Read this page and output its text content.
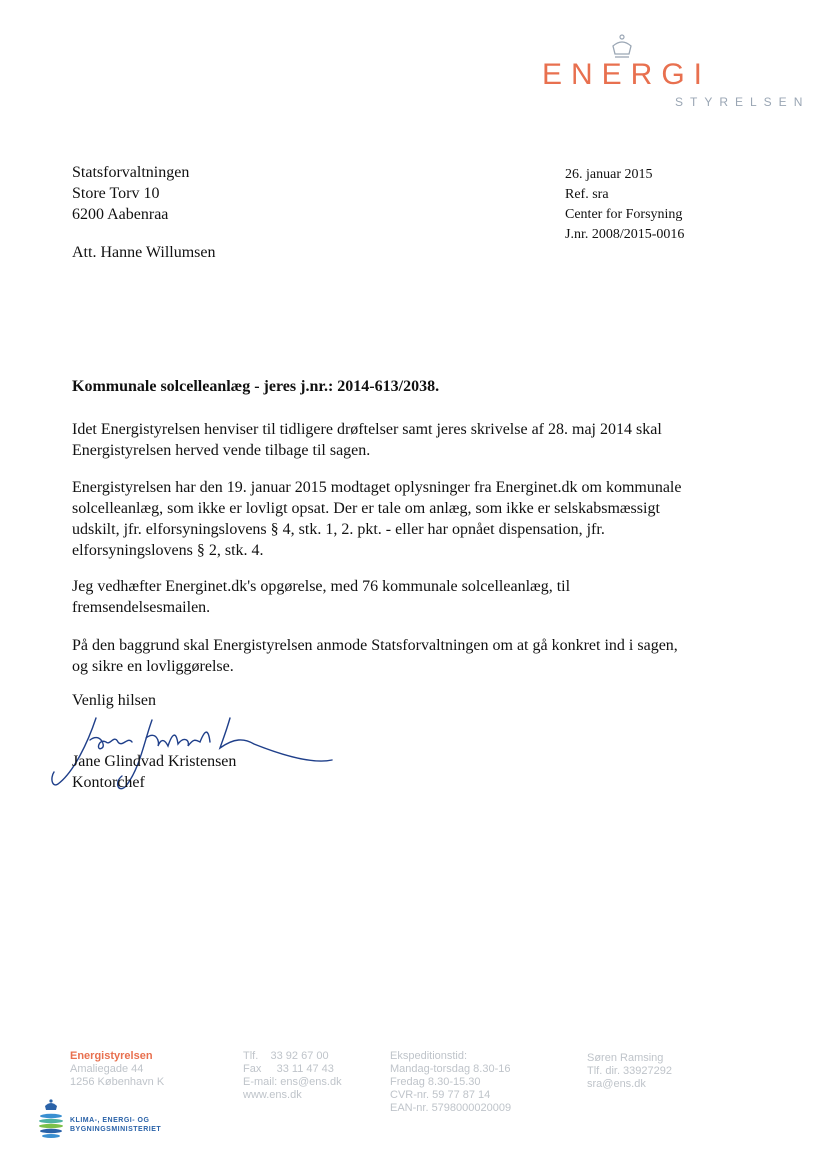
ENERGI
STYRELSEN
Statsforvaltningen
Store Torv 10
6200 Aabenraa
Att. Hanne Willumsen
26. januar 2015
Ref. sra
Center for Forsyning
J.nr. 2008/2015-0016
Kommunale solcelleanlæg - jeres j.nr.: 2014-613/2038.

Idet Energistyrelsen henviser til tidligere drøftelser samt jeres skrivelse af 28. maj 2014 skal Energistyrelsen herved vende tilbage til sagen.

Energistyrelsen har den 19. januar 2015 modtaget oplysninger fra Energinet.dk om kommunale solcelleanlæg, som ikke er lovligt opsat. Der er tale om anlæg, som ikke er selskabsmæssigt udskilt, jfr. elforsyningslovens § 4, stk. 1, 2. pkt. - eller har opnået dispensation, jfr. elforsyningslovens § 2, stk. 4.

Jeg vedhæfter Energinet.dk's opgørelse, med 76 kommunale solcelleanlæg, til fremsendelsesmailen.

På den baggrund skal Energistyrelsen anmode Statsforvaltningen om at gå konkret ind i sagen, og sikre en lovliggørelse.

Venlig hilsen
Jane Glindvad Kristensen
Kontorchef
Energistyrelsen
Amaliegade 44
1256 København K
Tlf.    33 92 67 00
Fax     33 11 47 43
E-mail: ens@ens.dk
www.ens.dk
Ekspeditionstid:
Mandag-torsdag 8.30-16
Fredag 8.30-15.30
CVR-nr. 59 77 87 14
EAN-nr. 5798000020009
Søren Ramsing
Tlf. dir. 33927292
sra@ens.dk
KLIMA-, ENERGI- OG
BYGNINGSMINISTERIET
